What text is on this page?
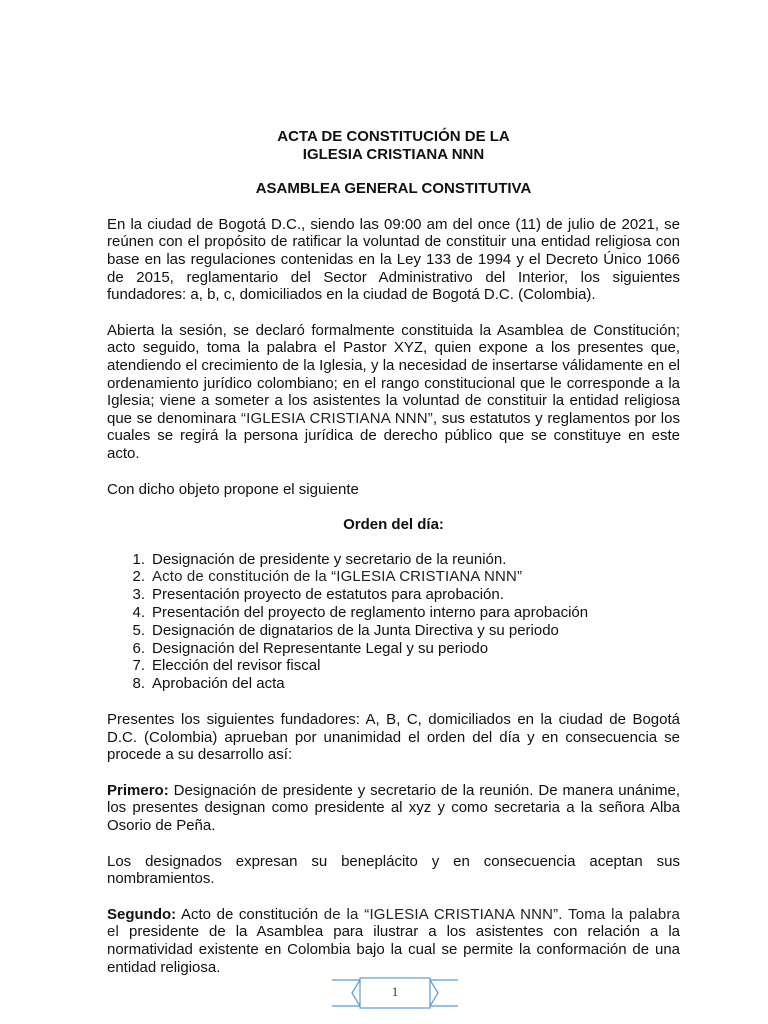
ACTA DE CONSTITUCIÓN DE LA

IGLESIA CRISTIANA NNN

ASAMBLEA GENERAL CONSTITUTIVA

En la ciudad de Bogotá D.C., siendo las 09:00 am del once (11) de julio de 2021, se reúnen con el propósito de ratificar la voluntad de constituir una entidad religiosa con base en las regulaciones contenidas en la Ley 133 de 1994 y el Decreto Único 1066 de 2015, reglamentario del Sector Administrativo del Interior, los siguientes fundadores: a, b, c, domiciliados en la ciudad de Bogotá D.C. (Colombia).

Abierta la sesión, se declaró formalmente constituida la Asamblea de Constitución; acto seguido, toma la palabra el Pastor XYZ, quien expone a los presentes que, atendiendo el crecimiento de la Iglesia, y la necesidad de insertarse válidamente en el ordenamiento jurídico colombiano; en el rango constitucional que le corresponde a la Iglesia; viene a someter a los asistentes la voluntad de constituir la entidad religiosa que se denominara “IGLESIA CRISTIANA NNN”, sus estatutos y reglamentos por los cuales se regirá la persona jurídica de derecho público que se constituye en este acto.

Con dicho objeto propone el siguiente

Orden del día:

1. Designación de presidente y secretario de la reunión.
2. Acto de constitución de la “IGLESIA CRISTIANA NNN”
3. Presentación proyecto de estatutos para aprobación.
4. Presentación del proyecto de reglamento interno para aprobación
5. Designación de dignatarios de la Junta Directiva y su periodo
6. Designación del Representante Legal y su periodo
7. Elección del revisor fiscal
8. Aprobación del acta

Presentes los siguientes fundadores: A, B, C, domiciliados en la ciudad de Bogotá D.C. (Colombia) aprueban por unanimidad el orden del día y en consecuencia se procede a su desarrollo así:

Primero: Designación de presidente y secretario de la reunión. De manera unánime, los presentes designan como presidente al xyz y como secretaria a la señora Alba Osorio de Peña.

Los designados expresan su beneplácito y en consecuencia aceptan sus nombramientos.

Segundo: Acto de constitución de la “IGLESIA CRISTIANA NNN”. Toma la palabra el presidente de la Asamblea para ilustrar a los asistentes con relación a la normatividad existente en Colombia bajo la cual se permite la conformación de una entidad religiosa.

1
